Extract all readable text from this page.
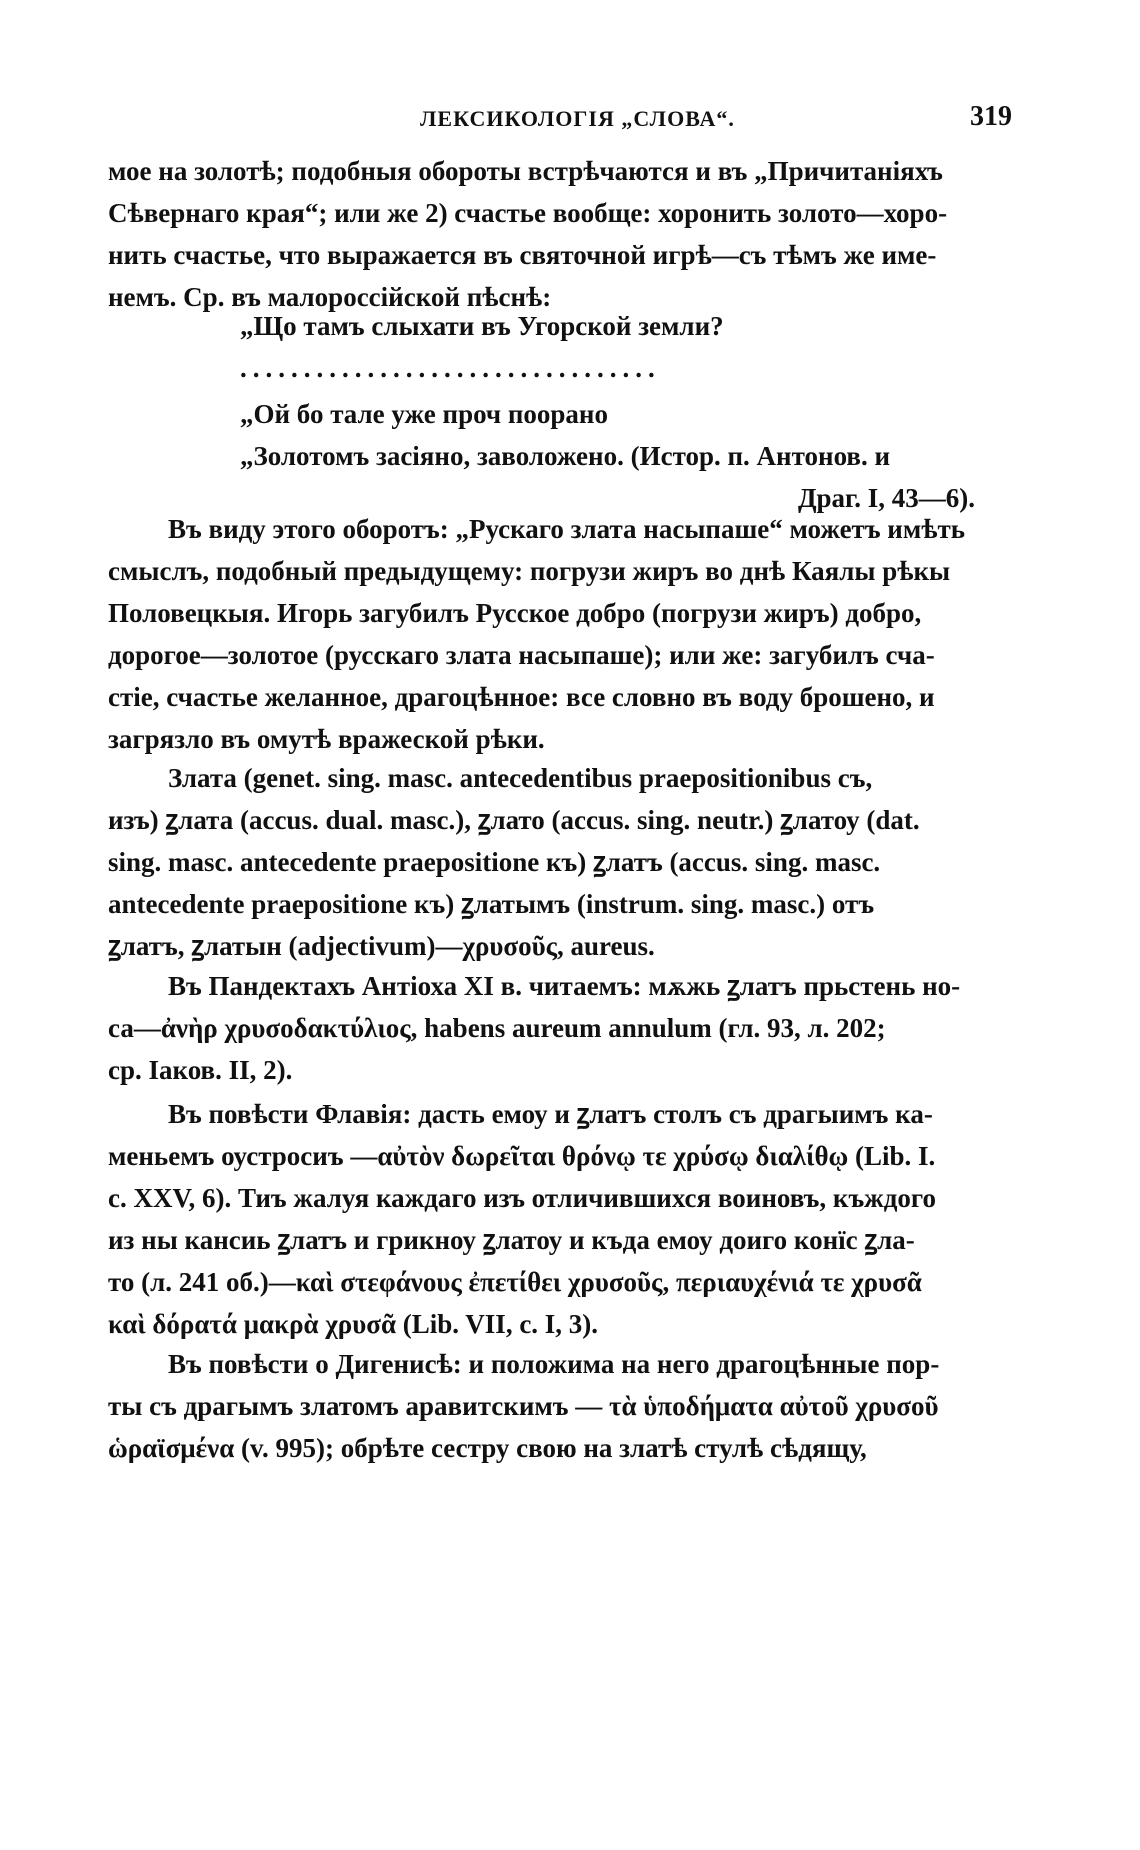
ЛЕКСИКОЛОГІЯ „СЛОВА“.	319

мое на золотѣ; подобныя обороты встрѣчаются и въ „Причитаніяхъ

Сѣвернаго края“; или же 2) счастье вообще: хоронить золото—хоро-

нить счастье, что выражается въ святочной игрѣ—съ тѣмъ же име-

немъ. Ср. въ малороссійской пѣснѣ:

„Що тамъ слыхати въ Угорской земли?

.................................

„Ой бо тале уже проч поорано

„Золотомъ засіяно, заволожено. (Истор. п. Антонов. и

Драг. I, 43—6).

Въ виду этого оборотъ: „Рускаго злата насыпаше“ можетъ имѣть

смыслъ, подобный предыдущему: погрузи жиръ во днѣ Каялы рѣкы

Половецкыя. Игорь загубилъ Русское добро (погрузи жиръ) добро,

дорогое—золотое (русскаго злата насыпаше); или же: загубилъ сча-

стіе, счастье желанное, драгоцѣнное: все словно въ воду брошено, и

загрязло въ омутѣ вражеской рѣки.

Злата (genet. sing. masc. antecedentibus praepositionibus съ,

изъ) ꙁлата (accus. dual. masc.), ꙁлато (accus. sing. neutr.) ꙁлатоу (dat.

sing. masc. antecedente praepositione къ) ꙁлатъ (accus. sing. masc.

antecedente praepositione къ) ꙁлатымъ (instrum. sing. masc.) отъ

ꙁлатъ, ꙁлатын (adjectivum)—χρυσοῦς, aureus.

Въ Пандектахъ Антіоха XI в. читаемъ: мѫжь ꙁлатъ прьстень но-

са—ἀνὴρ χρυσοδακτύλιος, habens aureum annulum (гл. 93, л. 202;

ср. Іаков. II, 2).

Въ повѣсти Флавія: дасть емоу и ꙁлатъ столъ съ драгыимъ ка-

меньемъ оустросиъ —αὐτὸν δωρεῖται θρόνῳ τε χρύσῳ διαλίθῳ (Lib. I.

c. XXV, 6). Тиъ жалуя каждаго изъ отличившихся воиновъ, къждого

из ны кансиь ꙁлатъ и грикноу ꙁлатоу и къда емоу доиго конїс ꙁла-

то (л. 241 об.)—καὶ στεφάνους ἐπετίθει χρυσοῦς, περιαυχένιά τε χρυσᾶ

καὶ δόρατά μακρὰ χρυσᾶ (Lib. VII, c. I, 3).

Въ повѣсти о Дигенисѣ: и положима на него драгоцѣнные пор-

ты съ драгымъ златомъ аравитскимъ — τὰ ὑποδήματα αὐτοῦ χρυσοῦ

ὡραϊσμένα (v. 995); обрѣте сестру свою на златѣ стулѣ сѣдящу,
